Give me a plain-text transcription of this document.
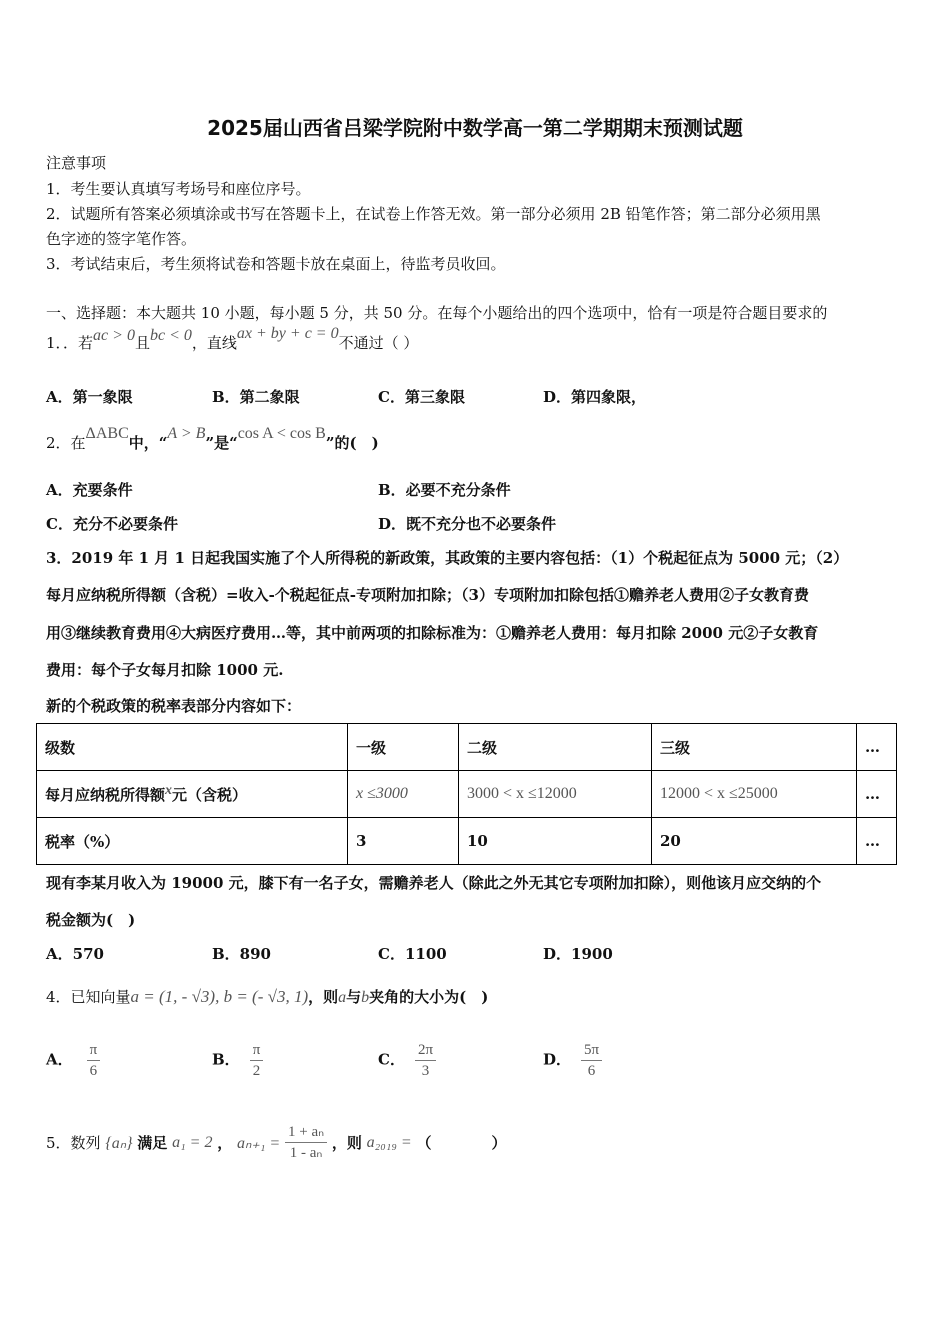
2025届山西省吕梁学院附中数学高一第二学期期末预测试题
注意事项
1．考生要认真填写考场号和座位序号。
2．试题所有答案必须填涂或书写在答题卡上，在试卷上作答无效。第一部分必须用 2B 铅笔作答；第二部分必须用黑
色字迹的签字笔作答。
3．考试结束后，考生须将试卷和答题卡放在桌面上，待监考员收回。
一、选择题：本大题共 10 小题，每小题 5 分，共 50 分。在每个小题给出的四个选项中，恰有一项是符合题目要求的
1．．若ac > 0且bc < 0，直线ax + by + c = 0不通过（ ）
A．第一象限	B．第二象限	C．第三象限	D．第四象限，
2．在ΔABC中，“A > B”是“cos A < cos B”的(　)
A．充要条件	B．必要不充分条件
C．充分不必要条件	D．既不充分也不必要条件
3．2019 年 1 月 1 日起我国实施了个人所得税的新政策，其政策的主要内容包括：（1）个税起征点为 5000 元；（2）
每月应纳税所得额（含税）=收入-个税起征点-专项附加扣除；（3）专项附加扣除包括①赡养老人费用②子女教育费
用③继续教育费用④大病医疗费用…等，其中前两项的扣除标准为：①赡养老人费用：每月扣除 2000 元②子女教育
费用：每个子女每月扣除 1000 元.
新的个税政策的税率表部分内容如下：
级数	一级	二级	三级	…
每月应纳税所得额x元（含税）	x ≤3000	3000 < x ≤12000	12000 < x ≤25000	…
税率（%）	3	10	20	…
现有李某月收入为 19000 元，膝下有一名子女，需赡养老人（除此之外无其它专项附加扣除），则他该月应交纳的个
税金额为(　)
A．570	B．890	C．1100	D．1900
4．已知向量a = (1, - √3), b = (- √3, 1)，则a与b夹角的大小为(　)
A． $\frac{\pi}{6}$	B． $\frac{\pi}{2}$	C． $\frac{2\pi}{3}$	D． $\frac{5\pi}{6}$
5．数列 {aₙ} 满足 a₁ = 2 ， $a_{n+1} = \frac{\text{1 + aₙ}}{\text{1 - aₙ}}$ ，则 a₂₀₁₉ = （　　　　）
